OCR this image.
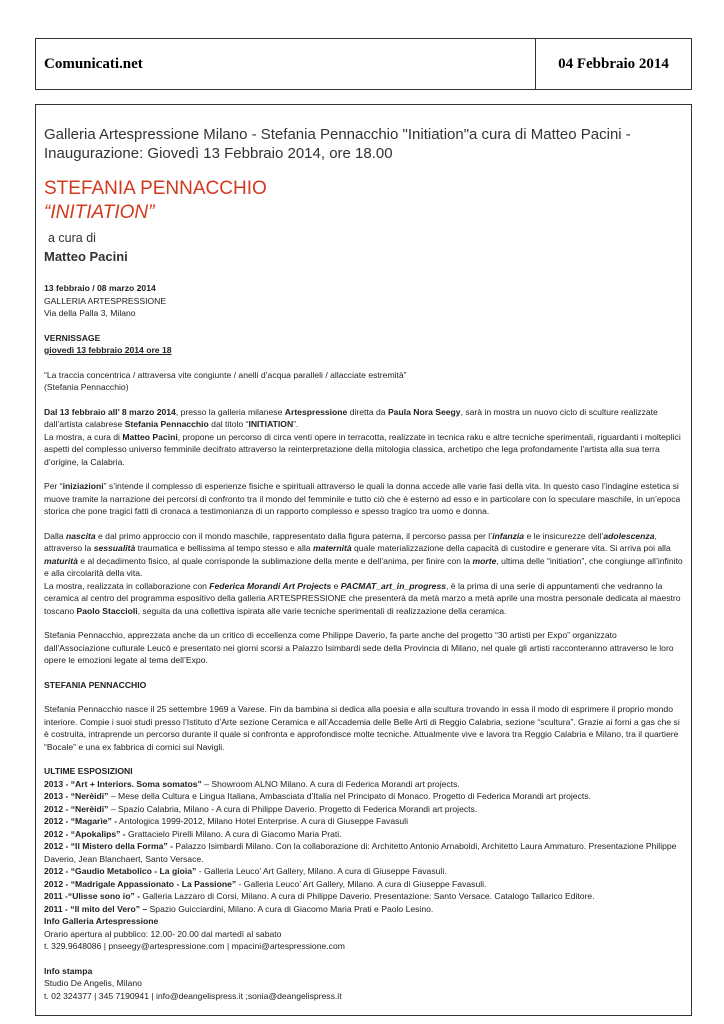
Comunicati.net	04 Febbraio 2014
Galleria Artespressione Milano - Stefania Pennacchio "Initiation"a cura di Matteo Pacini - Inaugurazione: Giovedì 13 Febbraio 2014, ore 18.00
STEFANIA PENNACCHIO
“INITIATION”
a cura di
Matteo Pacini

13 febbraio / 08 marzo 2014

GALLERIA ARTESPRESSIONE

Via della Palla 3, Milano

VERNISSAGE

giovedì 13 febbraio 2014 ore 18

“La traccia concentrica / attraversa vite congiunte / anelli d’acqua paralleli / allacciate estremità”

(Stefania Pennacchio)

Dal 13 febbraio all’ 8 marzo 2014, presso la galleria milanese Artespressione diretta da Paula Nora Seegy, sarà in mostra un nuovo ciclo di sculture realizzate dall’artista calabrese Stefania Pennacchio dal titolo “INITIATION”.

La mostra, a cura di Matteo Pacini, propone un percorso di circa venti opere in terracotta, realizzate in tecnica raku e altre tecniche sperimentali, riguardanti i molteplici aspetti del complesso universo femminile decifrato attraverso la reinterpretazione della mitologia classica, archetipo che lega profondamente l’artista alla sua terra d’origine, la Calabria.

Per “iniziazioni” s’intende il complesso di esperienze fisiche e spirituali attraverso le quali la donna accede alle varie fasi della vita. In questo caso l’indagine estetica si muove tramite la narrazione dei percorsi di confronto tra il mondo del femminile e tutto ciò che è esterno ad esso e in particolare con lo speculare maschile, in un’epoca storica che pone tragici fatti di cronaca a testimonianza di un rapporto complesso e spesso tragico tra uomo e donna.

Dalla nascita e dal primo approccio con il mondo maschile, rappresentato dalla figura paterna, il percorso passa per l’infanzia e le insicurezze dell’adolescenza, attraverso la sessualità traumatica e bellissima al tempo stesso e alla maternità quale materializzazione della capacità di custodire e generare vita. Si arriva poi alla maturità e al decadimento fisico, al quale corrisponde la sublimazione della mente e dell’anima, per finire con la morte, ultima delle “initiation”, che congiunge all’infinito e alla circolarità della vita.

La mostra, realizzata in collaborazione con Federica Morandi Art Projects e PACMAT_art_in_progress, è la prima di una serie di appuntamenti che vedranno la ceramica al centro del programma espositivo della galleria ARTESPRESSIONE che presenterà da metà marzo a metà aprile una mostra personale dedicata al maestro toscano Paolo Staccioli, seguita da una collettiva ispirata alle varie tecniche sperimentali di realizzazione della ceramica.

Stefania Pennacchio, apprezzata anche da un critico di eccellenza come Philippe Daverio, fa parte anche del progetto “30 artisti per Expo” organizzato dall’Associazione culturale Leucò e presentato nei giorni scorsi a Palazzo Isimbardi sede della Provincia di Milano, nel quale gli artisti racconteranno attraverso le loro opere le emozioni legate al tema dell’Expo.

STEFANIA PENNACCHIO

Stefania Pennacchio nasce il 25 settembre 1969 a Varese. Fin da bambina si dedica alla poesia e alla scultura trovando in essa il modo di esprimere il proprio mondo interiore. Compie i suoi studi presso l’Istituto d’Arte sezione Ceramica e all’Accademia delle Belle Arti di Reggio Calabria, sezione “scultura”. Grazie ai forni a gas che si è costruita, intraprende un percorso durante il quale si confronta e approfondisce molte tecniche. Attualmente vive e lavora tra Reggio Calabria e Milano, tra il quartiere “Bocale” e una ex fabbrica di cornici sui Navigli.

ULTIME ESPOSIZIONI

2013 - “Art + Interiors. Soma somatos” – Showroom ALNO Milano. A cura di Federica Morandi art projects.

2013 - “Nerèidi” – Mese della Cultura e Lingua Italiana, Ambasciata d’Italia nel Principato di Monaco. Progetto di Federica Morandi art projects.

2012 - “Nerèidi” – Spazio Calabria, Milano - A cura di Philippe Daverio. Progetto di Federica Morandi art projects.

2012 - “Magarìe” - Antologica 1999-2012, Milano Hotel Enterprise. A cura di Giuseppe Favasuli

2012 - “Apokalips” - Grattacielo Pirelli Milano. A cura di Giacomo Maria Prati.

2012 - “Il Mistero della Forma” - Palazzo Isimbardi Milano. Con la collaborazione di: Architetto Antonio Arnaboldi, Architetto Laura Ammaturo. Presentazione Philippe Daverio, Jean Blanchaert, Santo Versace.

2012 - “Gaudio Metabolico - La gioia” - Galleria Leuco’ Art Gallery, Milano. A cura di Giuseppe Favasuli.

2012 - “Madrigale Appassionato - La Passione” - Galleria Leuco’ Art Gallery, Milano. A cura di Giuseppe Favasuli.

2011 -“Ulisse sono io” - Galleria Lazzaro di Corsi, Milano. A cura di Philippe Daverio. Presentazione: Santo Versace. Catalogo Tallarico Editore.

2011 - “Il mito del Vero” – Spazio Guicciardini, Milano. A cura di Giacomo Maria Prati e Paolo Lesino.

Info Galleria Artespressione

Orario apertura al pubblico: 12.00- 20.00 dal martedì al sabato

t. 329.9648086 | pnseegy@artespressione.com | mpacini@artespressione.com

Info stampa

Studio De Angelis, Milano

t. 02 324377 | 345 7190941 | info@deangelispress.it ;sonia@deangelispress.it
